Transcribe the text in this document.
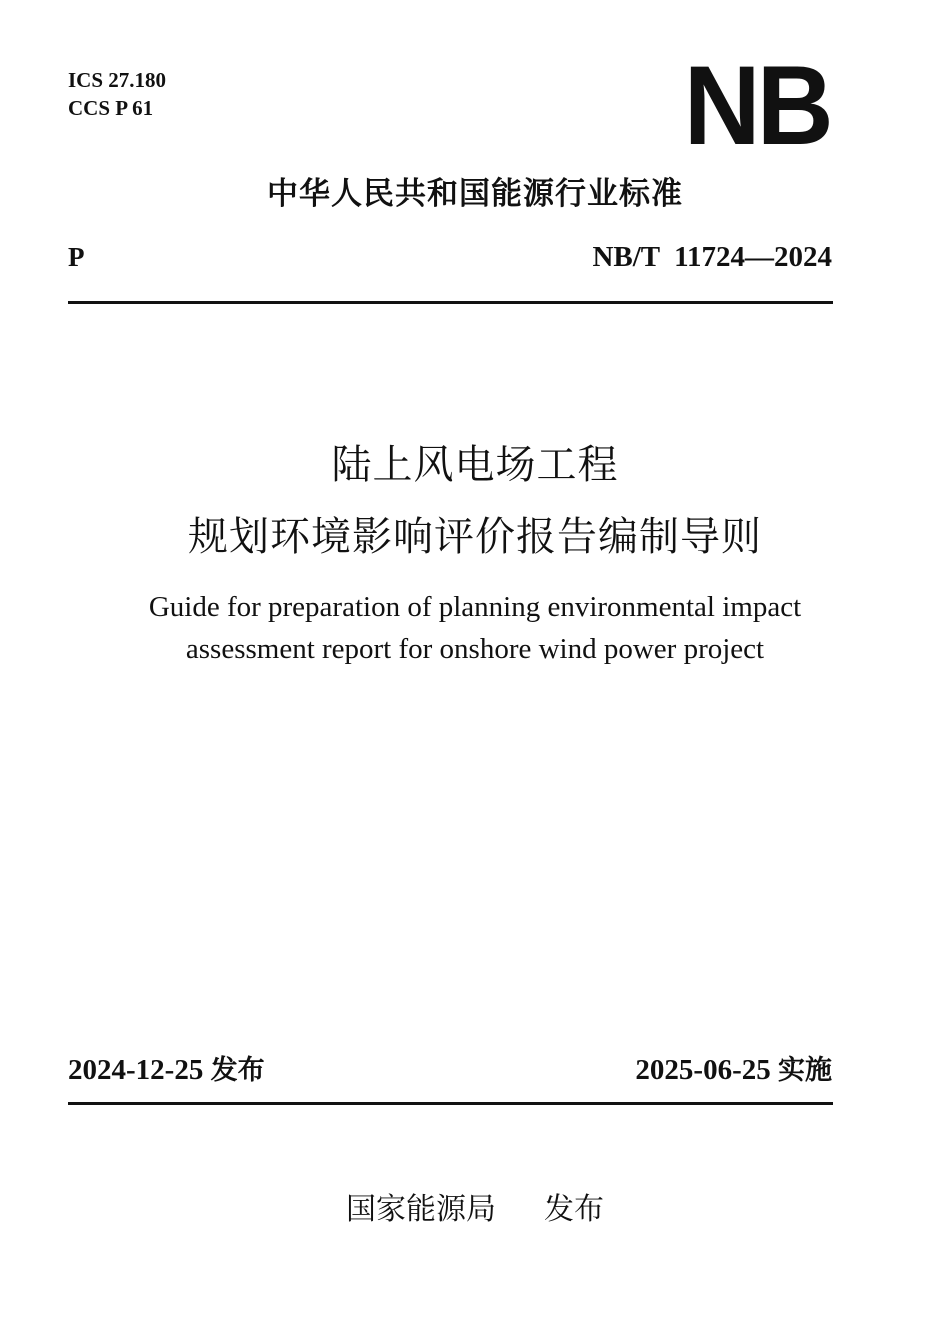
ICS 27.180
CCS P 61	NB
中华人民共和国能源行业标准
P	NB/T  11724—2024
陆上风电场工程
规划环境影响评价报告编制导则
Guide for preparation of planning environmental impact
assessment report for onshore wind power project
2024-12-25 发布	2025-06-25 实施
国家能源局 发布
